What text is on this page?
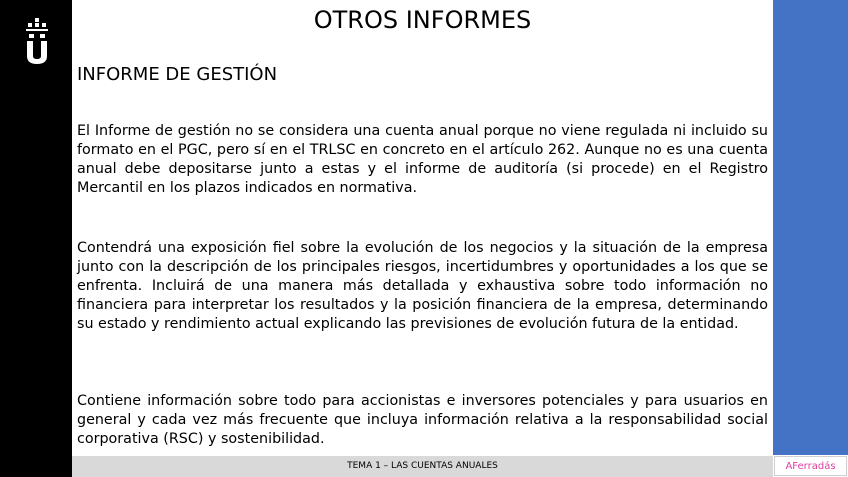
OTROS INFORMES
INFORME DE GESTIÓN

El Informe de gestión no se considera una cuenta anual porque no viene regulada ni incluido su formato en el PGC, pero sí en el TRLSC en concreto en el artículo 262. Aunque no es una cuenta anual debe depositarse junto a estas y el informe de auditoría (si procede) en el Registro Mercantil en los plazos indicados en normativa.

Contendrá una exposición fiel sobre la evolución de los negocios y la situación de la empresa junto con la descripción de los principales riesgos, incertidumbres y oportunidades a los que se enfrenta. Incluirá de una manera más detallada y exhaustiva sobre todo información no financiera para interpretar los resultados y la posición financiera de la empresa, determinando su estado y rendimiento actual explicando las previsiones de evolución futura de la entidad.

Contiene información sobre todo para accionistas e inversores potenciales y para usuarios en general y cada vez más frecuente que incluya información relativa a la responsabilidad social corporativa (RSC) y sostenibilidad.

TEMA 1 – LAS CUENTAS ANUALES	AFerradás
